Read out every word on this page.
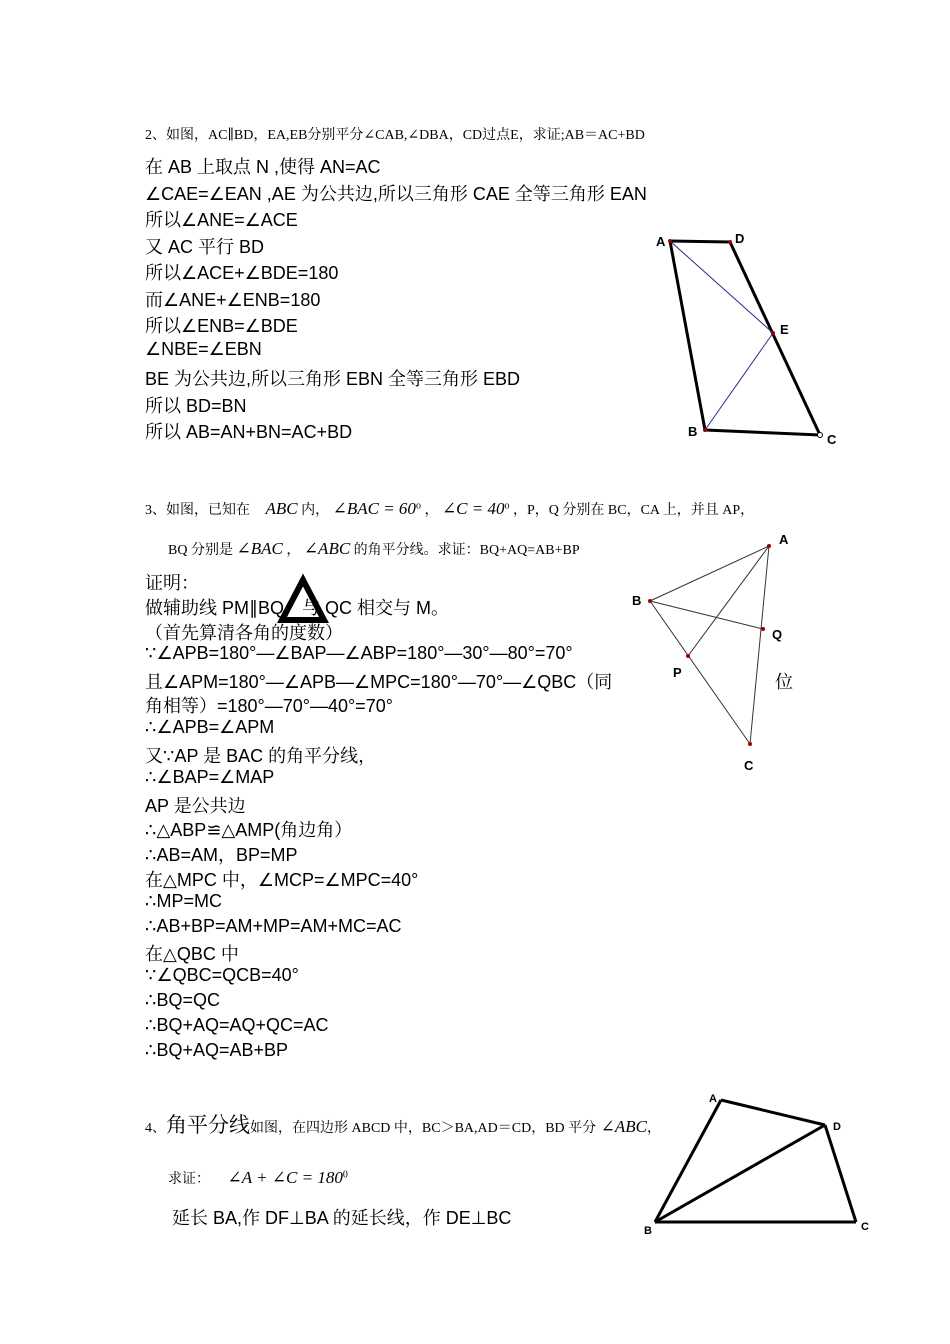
2、如图，AC∥BD，EA,EB分别平分∠CAB,∠DBA，CD过点E，求证;AB＝AC+BD
在 AB 上取点 N ,使得 AN=AC
∠CAE=∠EAN ,AE 为公共边,所以三角形 CAE 全等三角形 EAN
所以∠ANE=∠ACE
又 AC 平行 BD
所以∠ACE+∠BDE=180
而∠ANE+∠ENB=180
所以∠ENB=∠BDE
∠NBE=∠EBN
BE 为公共边,所以三角形 EBN 全等三角形 EBD
所以 BD=BN
所以 AB=AN+BN=AC+BD
A	D
E
B
C
3、如图，已知在 ABC 内， ∠BAC = $60^o$ ， ∠C = $40^o$ ，P，Q 分别在 BC，CA 上，并且 AP，
BQ 分别是 ∠BAC ， ∠ABC 的角平分线。求证：BQ+AQ=AB+BP
证明：
做辅助线 PM∥BQ，与 QC 相交与 M。
（首先算清各角的度数）
∵∠APB=180°—∠BAP—∠ABP=180°—30°—80°=70°
且∠APM=180°—∠APB—∠MPC=180°—70°—∠QBC（同	位
角相等）=180°—70°—40°=70°
∴∠APB=∠APM
又∵AP 是 BAC 的角平分线，
∴∠BAP=∠MAP
AP 是公共边
∴△ABP≌△AMP(角边角）
∴AB=AM，BP=MP
在△MPC 中，∠MCP=∠MPC=40°
∴MP=MC
∴AB+BP=AM+MP=AM+MC=AC
在△QBC 中
∵∠QBC=QCB=40°
∴BQ=QC
∴BQ+AQ=AQ+QC=AC
∴BQ+AQ=AB+BP
A
B
Q
P
C
4、角平分线如图，在四边形 ABCD 中，BC＞BA,AD＝CD，BD 平分 ∠ABC，
求证： ∠A + ∠C = $180^0$
延长 BA,作 DF⊥BA 的延长线，作 DE⊥BC
A
D
B	C
